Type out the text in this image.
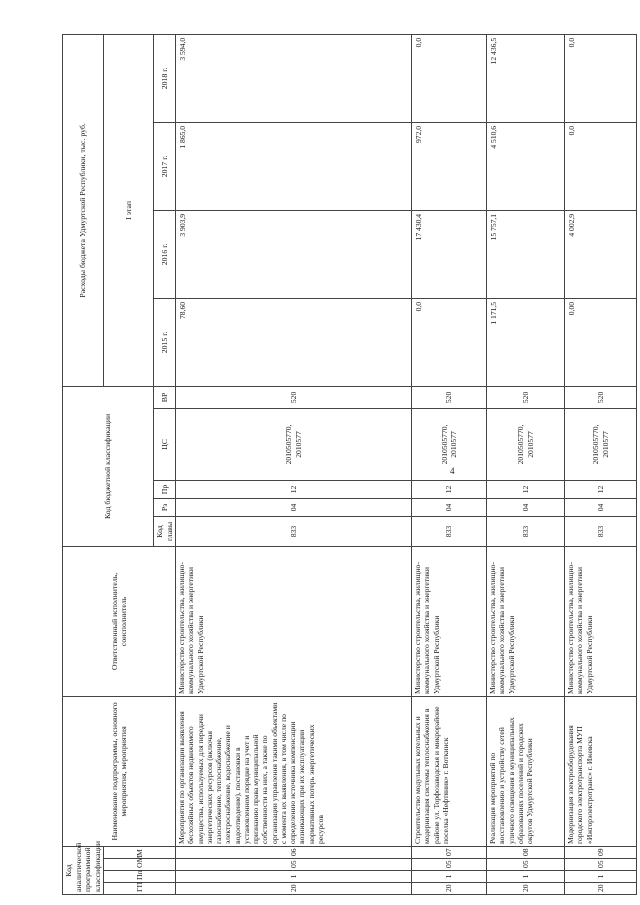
4
Код аналитической программной классификации				Наименование подпрограммы, основного мероприятия, мероприятия	Ответственный исполнитель, соисполнитель	Код бюджетной классификации					Расходы бюджета Удмуртской Республики, тыс. руб.			
ГП	Пп	ОМ	М								I этап			
						Код главы	Рз	Пр	ЦС	ВР	2015 г.	2016 г.	2017 г.	2018 г.
20	1	05	06	Мероприятия по организации выявления бесхозяйных объектов недвижимого имущества, используемых для передачи энергетических ресурсов (включая газоснабжение, теплоснабжение, электроснабжение, водоснабжение и водоотведение), постановки в установленном порядке на учет и признанию права муниципальной собственности на них, а также по организации управления такими объектами с момента их выявления, в том числе по определению источника компенсации возникающих при их эксплуатации нормативных потерь энергетических ресурсов	Министерство строительства, жилищно-коммунального хозяйства и энергетики Удмуртской Республики	833	04	12	2010505770, 2010577	520	78,60	3 903,9	1 865,0	3 594,0
20	1	05	07	Строительство модульных котельных и модернизация системы теплоснабжения в районе ул. Торфозаводская и микрорайоне поселка «Нефтяник» г. Воткинск	Министерство строительства, жилищно-коммунального хозяйства и энергетики Удмуртской Республики	833	04	12	2010505770, 2010577	520	0,0	17 430,4	972,0	0,0
20	1	05	08	Реализация мероприятий по восстановлению и устройству сетей уличного освещения в муниципальных образованиях поселений и городских округов Удмуртской Республики	Министерство строительства, жилищно-коммунального хозяйства и энергетики Удмуртской Республики	833	04	12	2010505770, 2010577	520	1 171,5	15 757,1	4 510,6	12 436,5
20	1	05	09	Модернизация электрооборудования городского электротранспорта МУП «Ижгорэлектротранс» г. Ижевска	Министерство строительства, жилищно-коммунального хозяйства и энергетики Удмуртской Республики	833	04	12	2010505770, 2010577	520	0,00	4 002,9	0,0	0,0
